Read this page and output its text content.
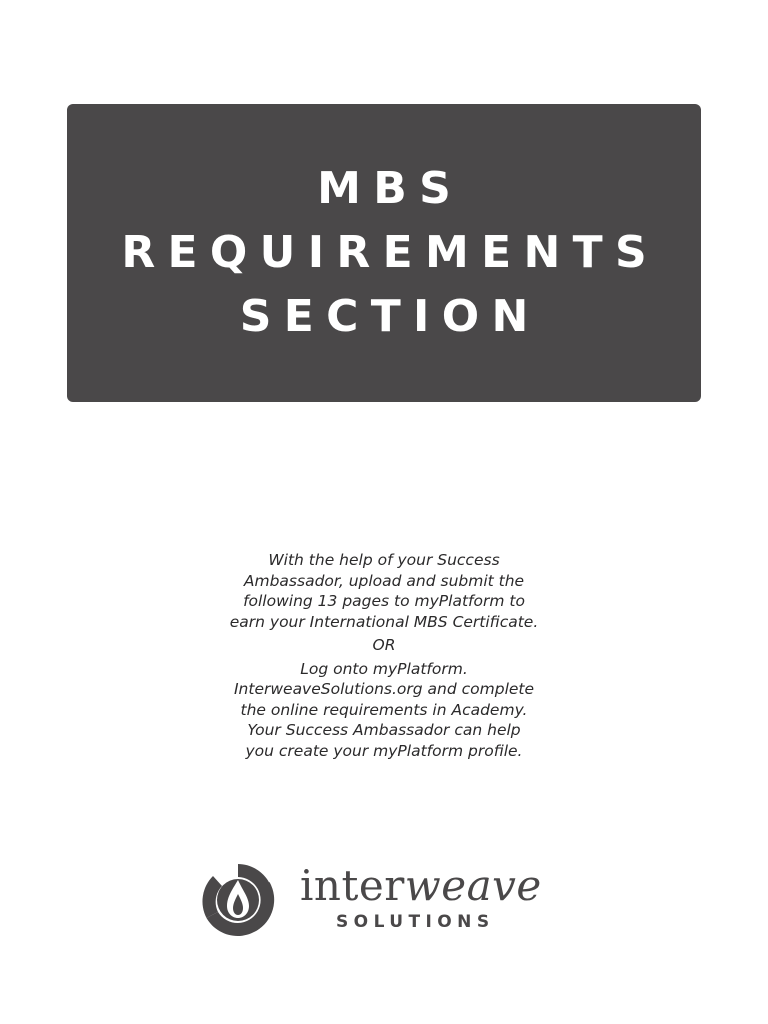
MBS
REQUIREMENTS
SECTION

With the help of your Success

Ambassador, upload and submit the

following 13 pages to myPlatform to

earn your International MBS Certificate.

OR

Log onto myPlatform.

InterweaveSolutions.org and complete

the online requirements in Academy.

Your Success Ambassador can help

you create your myPlatform profile.

interweave
SOLUTIONS
